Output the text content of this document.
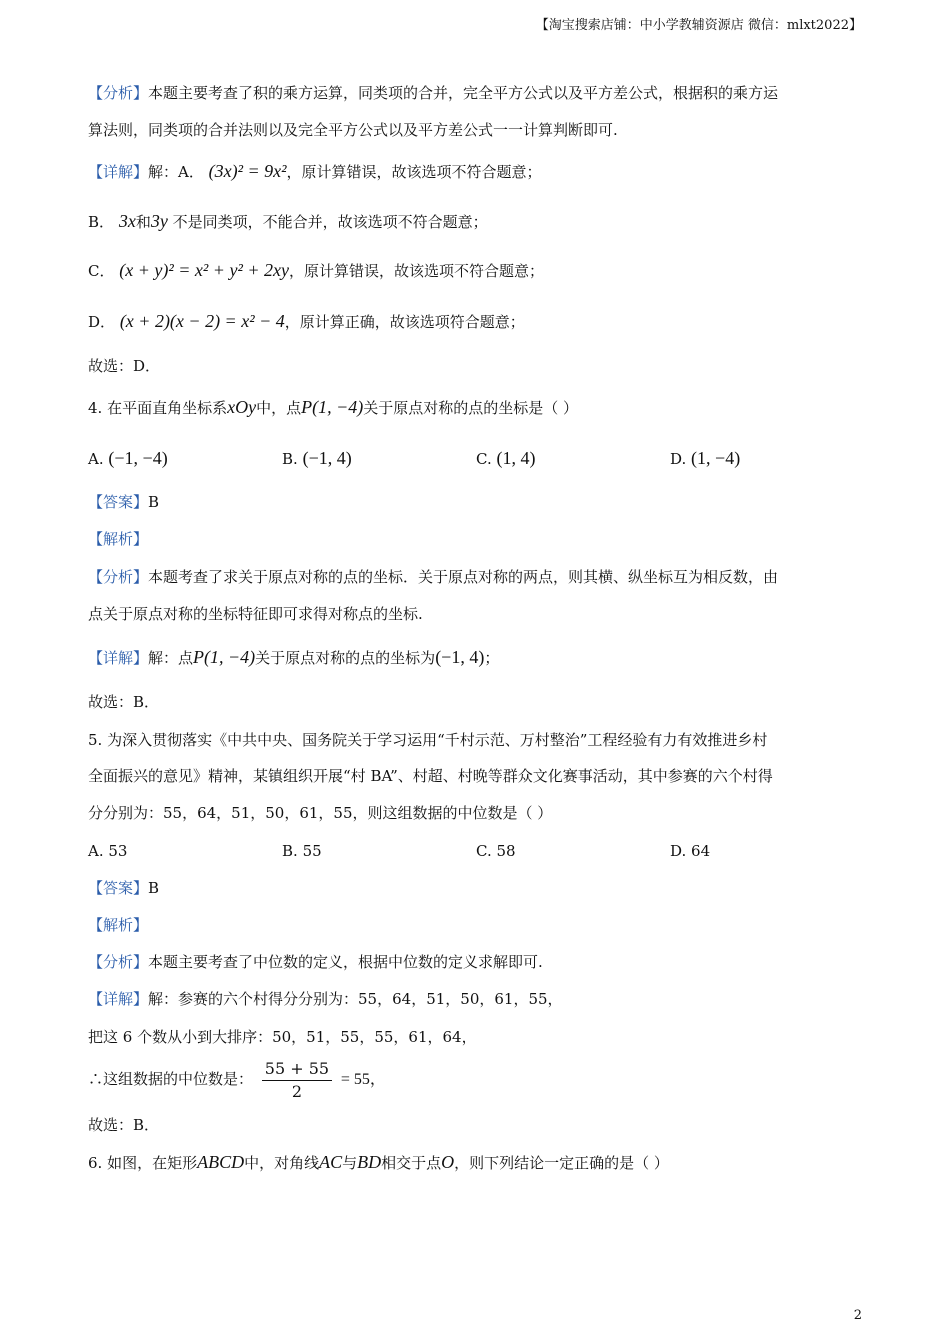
【淘宝搜索店铺：中小学教辅资源店 微信：mlxt2022】
【分析】本题主要考查了积的乘方运算，同类项的合并，完全平方公式以及平方差公式，根据积的乘方运
算法则，同类项的合并法则以及完全平方公式以及平方差公式一一计算判断即可.
【详解】解：A． (3x)² = 9x²，原计算错误，故该选项不符合题意；
B． 3x和3y 不是同类项，不能合并，故该选项不符合题意；
C． (x + y)² = x² + y² + 2xy，原计算错误，故该选项不符合题意；
D． (x + 2)(x − 2) = x² − 4，原计算正确，故该选项符合题意；
故选：D．
4. 在平面直角坐标系xOy中，点P(1, −4)关于原点对称的点的坐标是（ ）
A. (−1, −4)	B. (−1, 4)	C. (1, 4)	D. (1, −4)
【答案】B
【解析】
【分析】本题考查了求关于原点对称的点的坐标．关于原点对称的两点，则其横、纵坐标互为相反数，由
点关于原点对称的坐标特征即可求得对称点的坐标.
【详解】解：点P(1, −4)关于原点对称的点的坐标为(−1, 4)；
故选：B．
5. 为深入贯彻落实《中共中央、国务院关于学习运用“千村示范、万村整治”工程经验有力有效推进乡村
全面振兴的意见》精神，某镇组织开展“村 BA”、村超、村晚等群众文化赛事活动，其中参赛的六个村得
分分别为：55，64，51，50，61，55，则这组数据的中位数是（ ）
A. 53	B. 55	C. 58	D. 64
【答案】B
【解析】
【分析】本题主要考查了中位数的定义，根据中位数的定义求解即可.
【详解】解：参赛的六个村得分分别为：55，64，51，50，61，55，
把这 6 个数从小到大排序：50，51，55，55，61，64，
∴这组数据的中位数是： $\frac{55 + 55}{2} = 55$，
故选：B．
6. 如图，在矩形ABCD中，对角线AC与BD相交于点O，则下列结论一定正确的是（ ）
2
